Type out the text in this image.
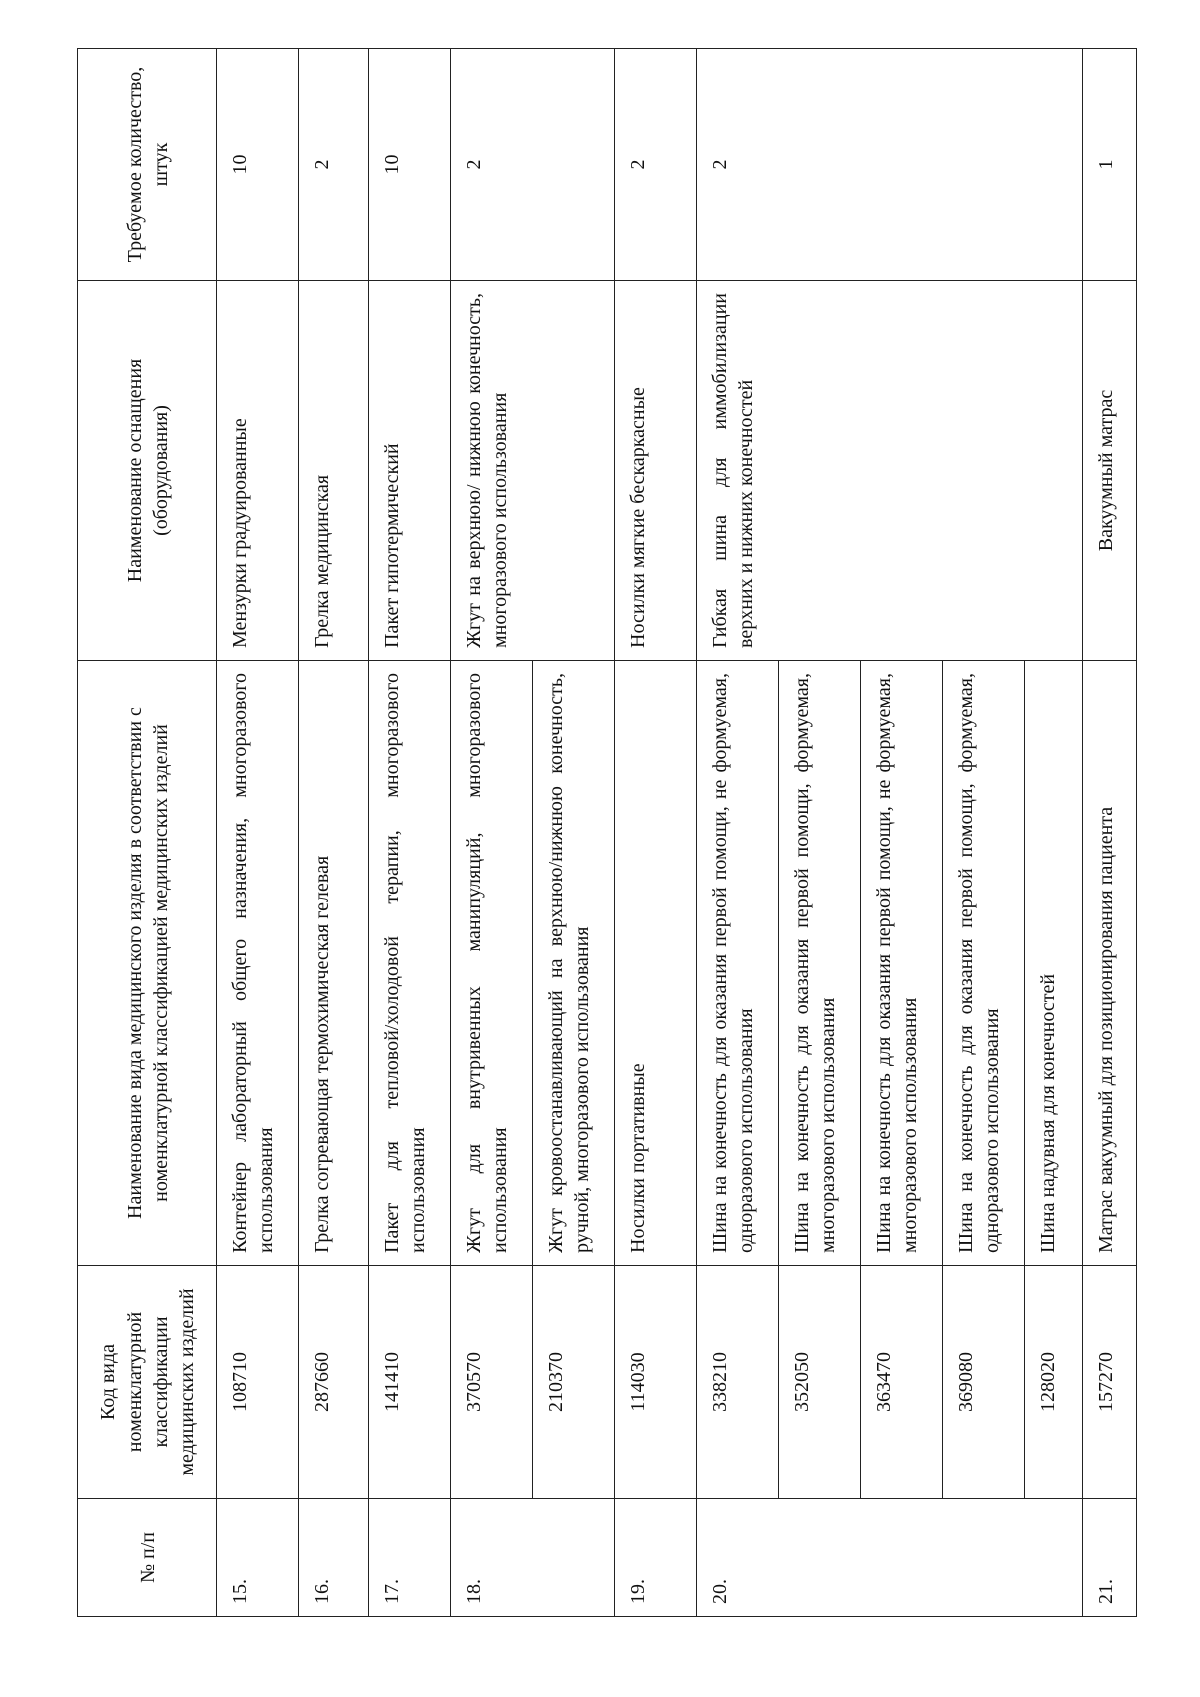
№ п/п	Код вида номенклатурной классификации медицинских изделий	Наименование вида медицинского изделия в соответствии с номенклатурной классификацией медицинских изделий	Наименование оснащения (оборудования)	Требуемое количество, штук
15.	108710	Контейнер лабораторный общего назначения, многоразового использования	Мензурки градуированные	10
16.	287660	Грелка согревающая термохимическая гелевая	Грелка медицинская	2
17.	141410	Пакет для тепловой/холодовой терапии, многоразового использования	Пакет гипотермический	10
18.	370570	Жгут для внутривенных манипуляций, многоразового использования	Жгут на верхнюю/ нижнюю конечность, многоразового использования	2
	210370	Жгут кровоостанавливающий на верхнюю/нижнюю конечность, ручной, многоразового использования		
19.	114030	Носилки портативные	Носилки мягкие бескаркасные	2
20.	338210	Шина на конечность для оказания первой помощи, не формуемая, одноразового использования	Гибкая шина для иммобилизации верхних и нижних конечностей	2
	352050	Шина на конечность для оказания первой помощи, формуемая, многоразового использования		
	363470	Шина на конечность для оказания первой помощи, не формуемая, многоразового использования		
	369080	Шина на конечность для оказания первой помощи, формуемая, одноразового использования		
	128020	Шина надувная для конечностей		
21.	157270	Матрас вакуумный для позиционирования пациента	Вакуумный матрас	1
